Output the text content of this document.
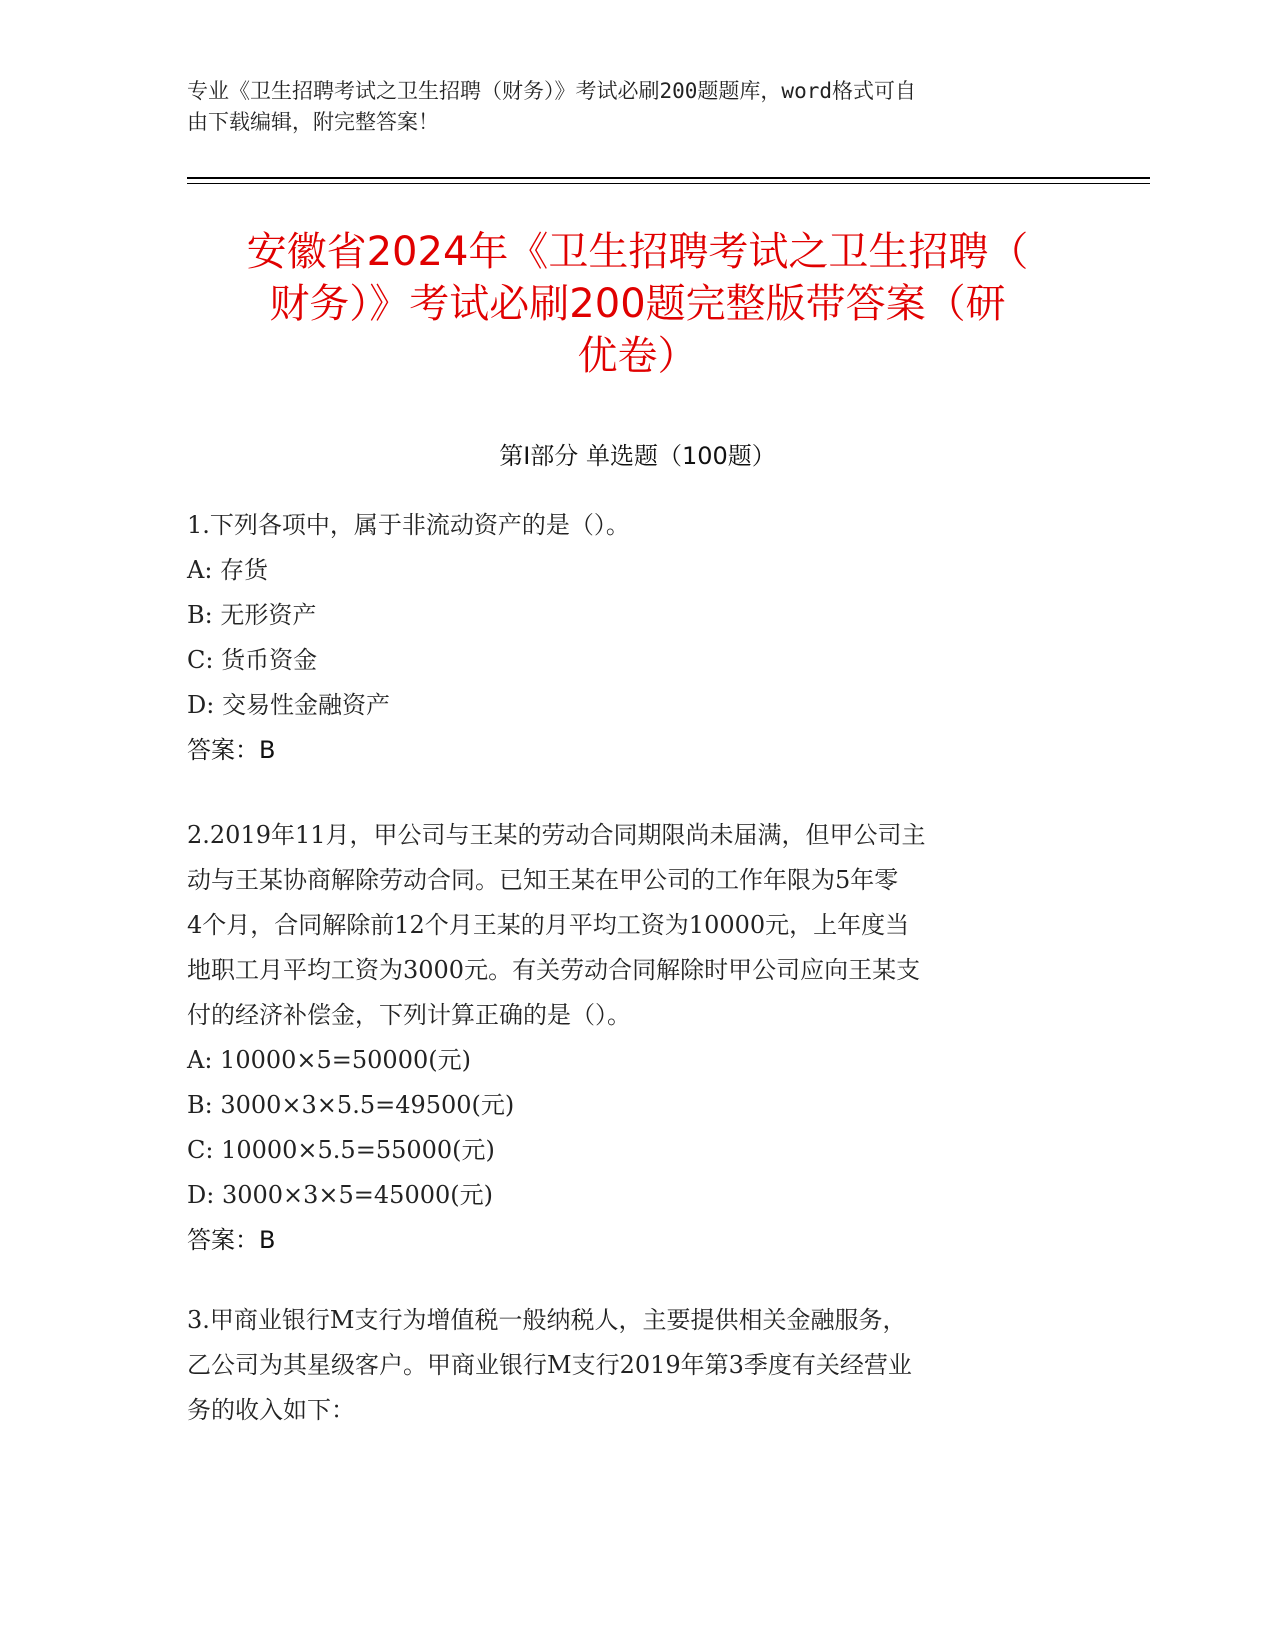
专业《卫生招聘考试之卫生招聘（财务）》考试必刷200题题库，word格式可自
由下载编辑，附完整答案！
安徽省2024年《卫生招聘考试之卫生招聘（
财务）》考试必刷200题完整版带答案（研
优卷）
第Ⅰ部分 单选题（100题）
1.下列各项中，属于非流动资产的是（）。
A: 存货
B: 无形资产
C: 货币资金
D: 交易性金融资产
答案：B
2.2019年11月，甲公司与王某的劳动合同期限尚未届满，但甲公司主
动与王某协商解除劳动合同。已知王某在甲公司的工作年限为5年零
4个月，合同解除前12个月王某的月平均工资为10000元，上年度当
地职工月平均工资为3000元。有关劳动合同解除时甲公司应向王某支
付的经济补偿金，下列计算正确的是（）。
A: 10000×5=50000(元)
B: 3000×3×5.5=49500(元)
C: 10000×5.5=55000(元)
D: 3000×3×5=45000(元)
答案：B
3.甲商业银行M支行为增值税一般纳税人，主要提供相关金融服务，
乙公司为其星级客户。甲商业银行M支行2019年第3季度有关经营业
务的收入如下：
